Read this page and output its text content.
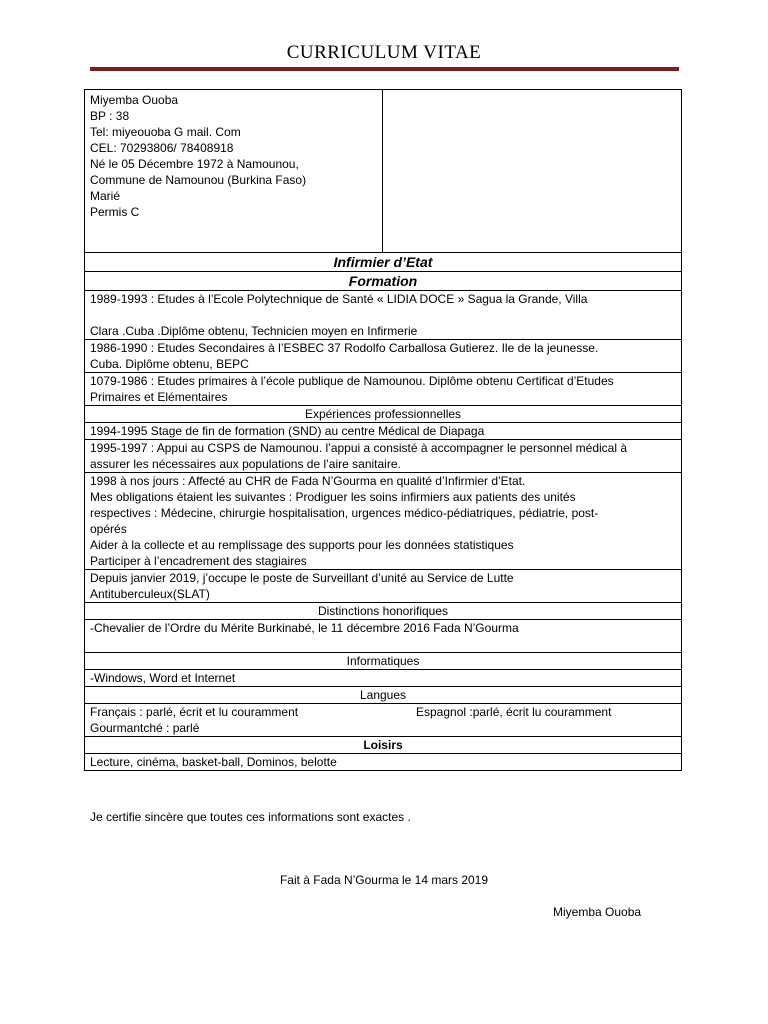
CURRICULUM VITAE
Miyemba Ouoba
BP : 38
Tel: miyeouoba G mail. Com
CEL: 70293806/ 78408918
Né le 05 Décembre 1972 à Namounou,
Commune de Namounou (Burkina Faso)
Marié
Permis C

Infirmier d’Etat
Formation

1989-1993 : Etudes à l’Ecole Polytechnique de Santé « LIDIA DOCE » Sagua la Grande, Villa
Clara .Cuba .Diplôme obtenu, Technicien moyen en Infirmerie

1986-1990 : Etudes Secondaires à l’ESBEC 37 Rodolfo Carballosa Gutierez. Ile de la jeunesse.
Cuba. Diplôme obtenu, BEPC

1079-1986 : Etudes primaires à l’école publique de Namounou. Diplôme obtenu Certificat d’Etudes
Primaires et Elémentaires

Expériences professionnelles
1994-1995 Stage de fin de formation (SND) au centre Médical de Diapaga

1995-1997 : Appui au CSPS de Namounou. l’appui a consisté à accompagner le personnel médical à
assurer les nécessaires aux populations de l’aire sanitaire.

1998 à nos jours : Affecté au CHR de Fada N’Gourma en qualité d’Infirmier d’Etat.
Mes obligations étaient les suivantes : Prodiguer les soins infirmiers aux patients des unités
respectives : Médecine, chirurgie hospitalisation, urgences médico-pédiatriques, pédiatrie, post-
opérés
Aider à la collecte et au remplissage des supports pour les données statistiques
Participer à l’encadrement des stagiaires

Depuis janvier 2019, j’occupe le poste de Surveillant d’unité au Service de Lutte
Antituberculeux(SLAT)

Distinctions honorifiques
-Chevalier de l’Ordre du Mérite Burkinabé, le 11 décembre 2016 Fada N’Gourma
Informatiques
-Windows, Word et Internet
Langues

Français : parlé, écrit et lu couramment	Espagnol :parlé, écrit lu couramment
Gourmantché : parlé

Loisirs
Lecture, cinéma, basket-ball, Dominos, belotte
Je certifie sincère que toutes ces informations sont exactes .
Fait à Fada N’Gourma le 14 mars 2019
Miyemba Ouoba
